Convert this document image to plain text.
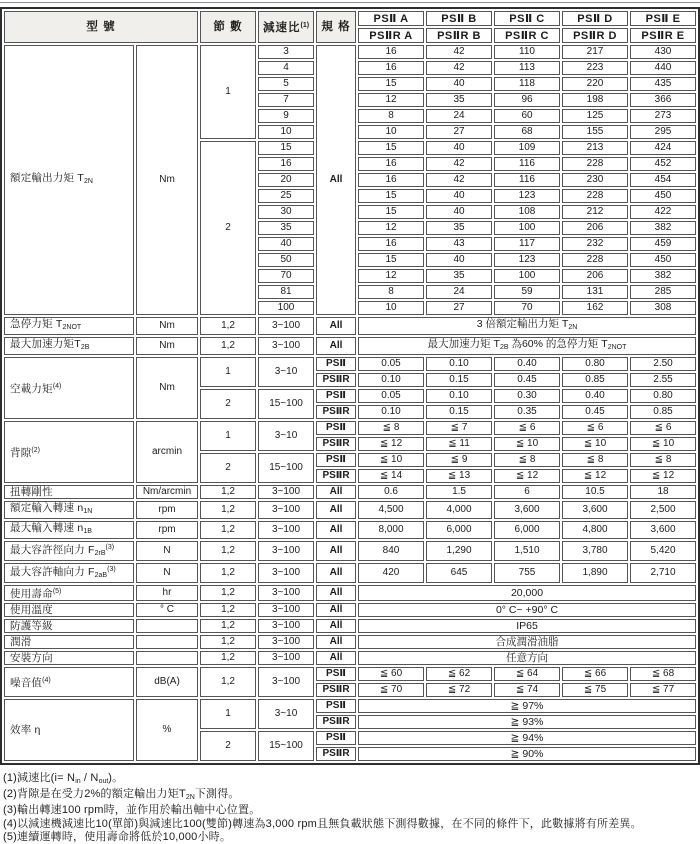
型 號		節 數	減速比$^{(1)}$	規 格	PSⅡ A	PSⅡ B	PSⅡ C	PSⅡ D	PSⅡ E
					PSⅡR A	PSⅡR B	PSⅡR C	PSⅡR D	PSⅡR E
額定輸出力矩 $T_{2N}$	Nm	1	3	All	16	42	110	217	430
			4		16	42	113	223	440
			5		15	40	118	220	435
			7		12	35	96	198	366
			9		8	24	60	125	273
			10		10	27	68	155	295
		2	15		15	40	109	213	424
			16		16	42	116	228	452
			20		16	42	116	230	454
			25		15	40	123	228	450
			30		15	40	108	212	422
			35		12	35	100	206	382
			40		16	43	117	232	459
			50		15	40	123	228	450
			70		12	35	100	206	382
			81		8	24	59	131	285
			100		10	27	70	162	308
急停力矩 $T_{2NOT}$	Nm	1,2	3~100	All	3 倍額定輸出力矩 $T_{2N}$
最大加速力矩$T_{2B}$	Nm	1,2	3~100	All	最大加速力矩 $T_{2B}$ 為60% 的急停力矩 $T_{2NOT}$
空載力矩$^{(4)}$	Nm	1	3~10	PSⅡ	0.05	0.10	0.40	0.80	2.50
				PSⅡR	0.10	0.15	0.45	0.85	2.55
		2	15~100	PSⅡ	0.05	0.10	0.30	0.40	0.80
				PSⅡR	0.10	0.15	0.35	0.45	0.85
背隙$^{(2)}$	arcmin	1	3~10	PSⅡ	≦ 8	≦ 7	≦ 6	≦ 6	≦ 6
				PSⅡR	≦ 12	≦ 11	≦ 10	≦ 10	≦ 10
		2	15~100	PSⅡ	≦ 10	≦ 9	≦ 8	≦ 8	≦ 8
				PSⅡR	≦ 14	≦ 13	≦ 12	≦ 12	≦ 12
扭轉剛性	Nm/arcmin	1,2	3~100	All	0.6	1.5	6	10.5	18
額定輸入轉速 $n_{1N}$	rpm	1,2	3~100	All	4,500	4,000	3,600	3,600	2,500
最大輸入轉速 $n_{1B}$	rpm	1,2	3~100	All	8,000	6,000	6,000	4,800	3,600
最大容許徑向力 $F_{2rB}^{(3)}$	N	1,2	3~100	All	840	1,290	1,510	3,780	5,420
最大容許軸向力 $F_{2aB}^{(3)}$	N	1,2	3~100	All	420	645	755	1,890	2,710
使用壽命$^{(5)}$	hr	1,2	3~100	All	20,000				
使用溫度	° C	1,2	3~100	All	0° C~ +90° C				
防護等級		1,2	3~100	All	IP65				
潤滑		1,2	3~100	All	合成潤滑油脂				
安裝方向		1,2	3~100	All	任意方向				
噪音值$^{(4)}$	dB(A)	1,2	3~100	PSⅡ	≦ 60	≦ 62	≦ 64	≦ 66	≦ 68
				PSⅡR	≦ 70	≦ 72	≦ 74	≦ 75	≦ 77
效率 η	%	1	3~10	PSⅡ	≧ 97%				
				PSⅡR	≧ 93%				
		2	15~100	PSⅡ	≧ 94%				
				PSⅡR	≧ 90%				
(1)減速比$(i= N_{in} / N_{out})$。
(2)背隙是在受力2%的額定輸出力矩$T_{2N}$下測得。
(3)輸出轉速100 rpm時，並作用於輸出軸中心位置。
(4)以減速機減速比10(單節)與減速比100(雙節)轉速為3,000 rpm且無負載狀態下測得數據，在不同的條件下，此數據將有所差異。
(5)連續運轉時，使用壽命將低於10,000小時。
